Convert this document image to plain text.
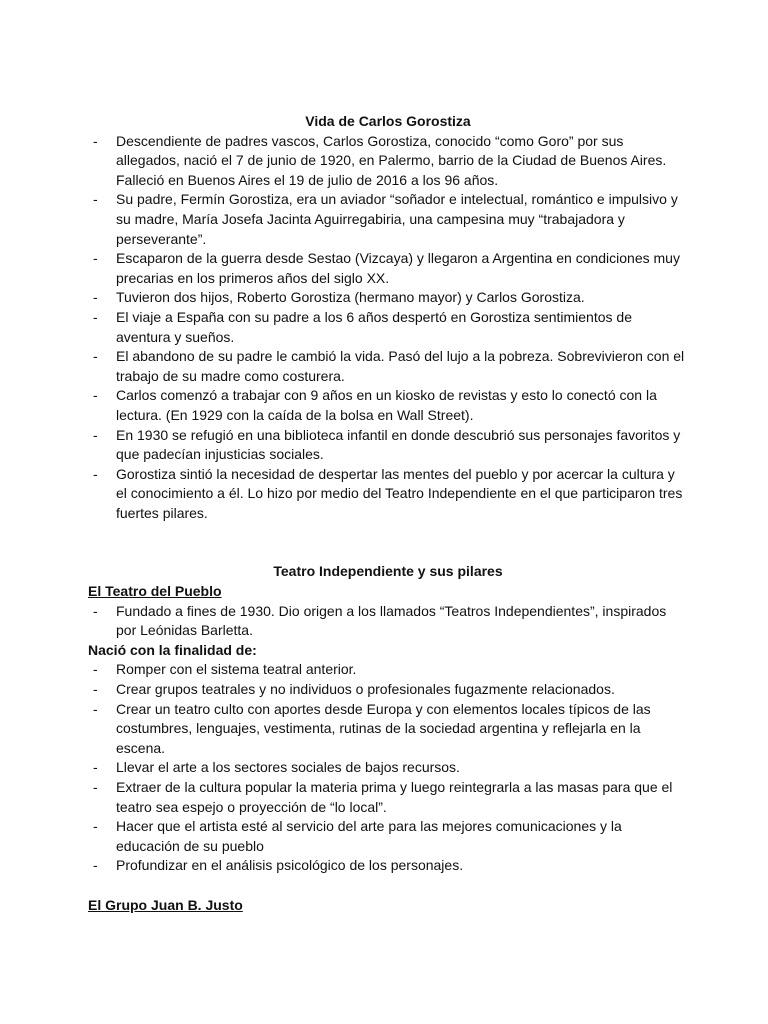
Vida de Carlos Gorostiza

- Descendiente de padres vascos, Carlos Gorostiza, conocido “como Goro” por sus allegados, nació el 7 de junio de 1920, en Palermo, barrio de la Ciudad de Buenos Aires. Falleció en Buenos Aires el 19 de julio de 2016 a los 96 años.
- Su padre, Fermín Gorostiza, era un aviador “soñador e intelectual, romántico e impulsivo y su madre, María Josefa Jacinta Aguirregabiria, una campesina muy “trabajadora y perseverante”.
- Escaparon de la guerra desde Sestao (Vizcaya) y llegaron a Argentina en condiciones muy precarias en los primeros años del siglo XX.
- Tuvieron dos hijos, Roberto Gorostiza (hermano mayor) y Carlos Gorostiza.
- El viaje a España con su padre a los 6 años despertó en Gorostiza sentimientos de aventura y sueños.
- El abandono de su padre le cambió la vida. Pasó del lujo a la pobreza. Sobrevivieron con el trabajo de su madre como costurera.
- Carlos comenzó a trabajar con 9 años en un kiosko de revistas y esto lo conectó con la lectura. (En 1929 con la caída de la bolsa en Wall Street).
- En 1930 se refugió en una biblioteca infantil en donde descubrió sus personajes favoritos y que padecían injusticias sociales.
- Gorostiza sintió la necesidad de despertar las mentes del pueblo y por acercar la cultura y el conocimiento a él. Lo hizo por medio del Teatro Independiente en el que participaron tres fuertes pilares.

Teatro Independiente y sus pilares

El Teatro del Pueblo

- Fundado a fines de 1930. Dio origen a los llamados “Teatros Independientes”, inspirados por Leónidas Barletta.

Nació con la finalidad de:

- Romper con el sistema teatral anterior.
- Crear grupos teatrales y no individuos o profesionales fugazmente relacionados.
- Crear un teatro culto con aportes desde Europa y con elementos locales típicos de las costumbres, lenguajes, vestimenta, rutinas de la sociedad argentina y reflejarla en la escena.
- Llevar el arte a los sectores sociales de bajos recursos.
- Extraer de la cultura popular la materia prima y luego reintegrarla a las masas para que el teatro sea espejo o proyección de “lo local”.
- Hacer que el artista esté al servicio del arte para las mejores comunicaciones y la educación de su pueblo
- Profundizar en el análisis psicológico de los personajes.

El Grupo Juan B. Justo
